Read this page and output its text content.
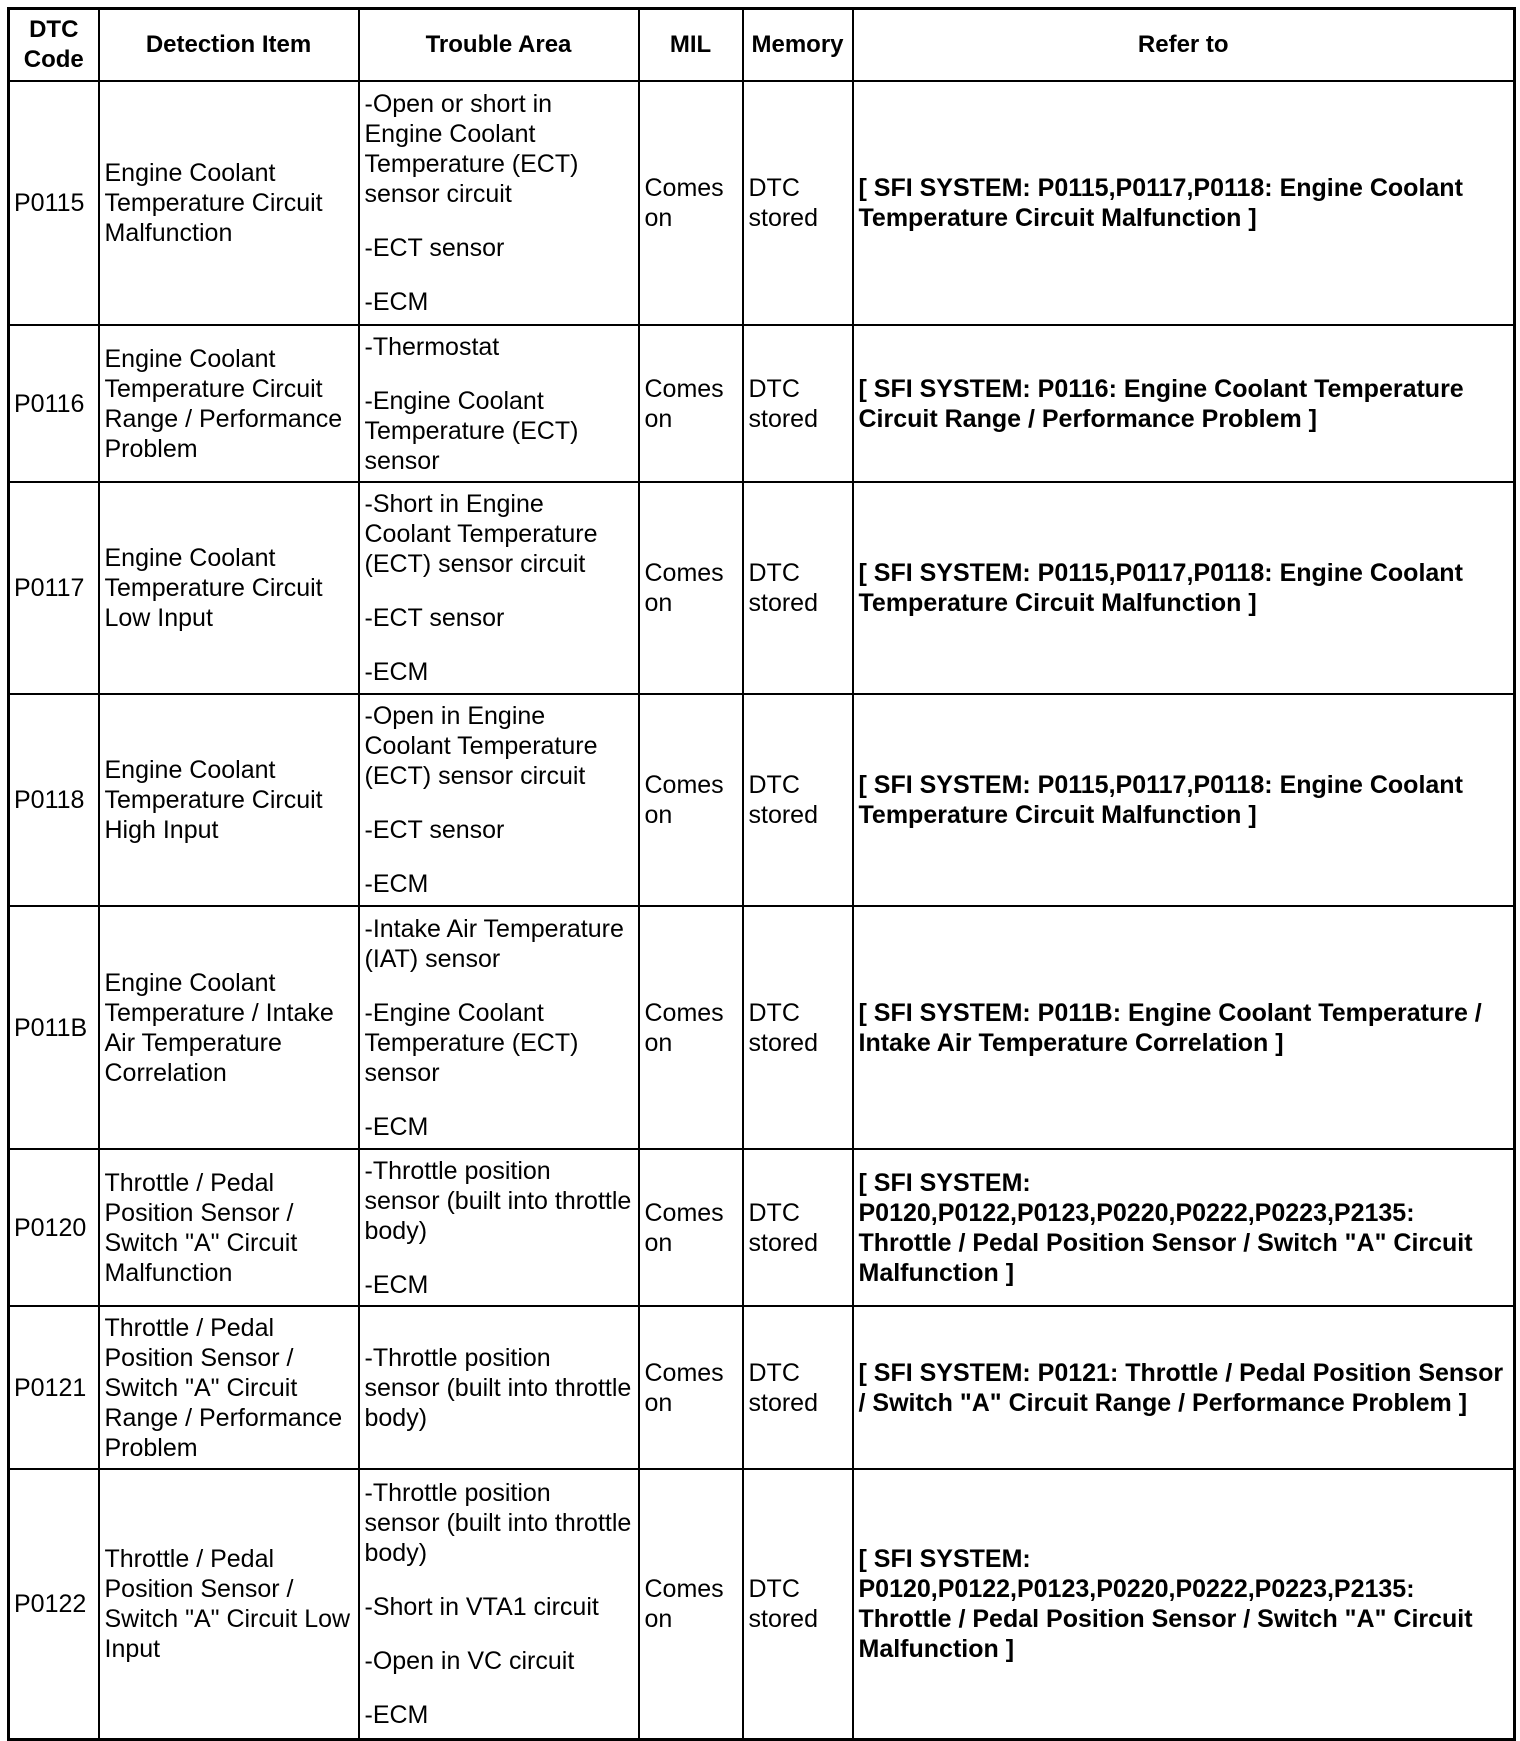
DTC Code	Detection Item	Trouble Area	MIL	Memory	Refer to
P0115	Engine Coolant Temperature Circuit Malfunction	-Open or short in Engine Coolant Temperature (ECT) sensor circuit

-ECT sensor

-ECM	Comes on	DTC stored	[ SFI SYSTEM: P0115,P0117,P0118: Engine Coolant Temperature Circuit Malfunction ]
P0116	Engine Coolant Temperature Circuit Range / Performance Problem	-Thermostat

-Engine Coolant Temperature (ECT) sensor	Comes on	DTC stored	[ SFI SYSTEM: P0116: Engine Coolant Temperature Circuit Range / Performance Problem ]
P0117	Engine Coolant Temperature Circuit Low Input	-Short in Engine Coolant Temperature (ECT) sensor circuit

-ECT sensor

-ECM	Comes on	DTC stored	[ SFI SYSTEM: P0115,P0117,P0118: Engine Coolant Temperature Circuit Malfunction ]
P0118	Engine Coolant Temperature Circuit High Input	-Open in Engine Coolant Temperature (ECT) sensor circuit

-ECT sensor

-ECM	Comes on	DTC stored	[ SFI SYSTEM: P0115,P0117,P0118: Engine Coolant Temperature Circuit Malfunction ]
P011B	Engine Coolant Temperature / Intake Air Temperature Correlation	-Intake Air Temperature (IAT) sensor

-Engine Coolant Temperature (ECT) sensor

-ECM	Comes on	DTC stored	[ SFI SYSTEM: P011B: Engine Coolant Temperature / Intake Air Temperature Correlation ]
P0120	Throttle / Pedal Position Sensor / Switch "A" Circuit Malfunction	-Throttle position sensor (built into throttle body)

-ECM	Comes on	DTC stored	[ SFI SYSTEM: P0120,P0122,P0123,P0220,P0222,P0223,P2135: Throttle / Pedal Position Sensor / Switch "A" Circuit Malfunction ]
P0121	Throttle / Pedal Position Sensor / Switch "A" Circuit Range / Performance Problem	-Throttle position sensor (built into throttle body)	Comes on	DTC stored	[ SFI SYSTEM: P0121: Throttle / Pedal Position Sensor / Switch "A" Circuit Range / Performance Problem ]
P0122	Throttle / Pedal Position Sensor / Switch "A" Circuit Low Input	-Throttle position sensor (built into throttle body)

-Short in VTA1 circuit

-Open in VC circuit

-ECM	Comes on	DTC stored	[ SFI SYSTEM: P0120,P0122,P0123,P0220,P0222,P0223,P2135: Throttle / Pedal Position Sensor / Switch "A" Circuit Malfunction ]
